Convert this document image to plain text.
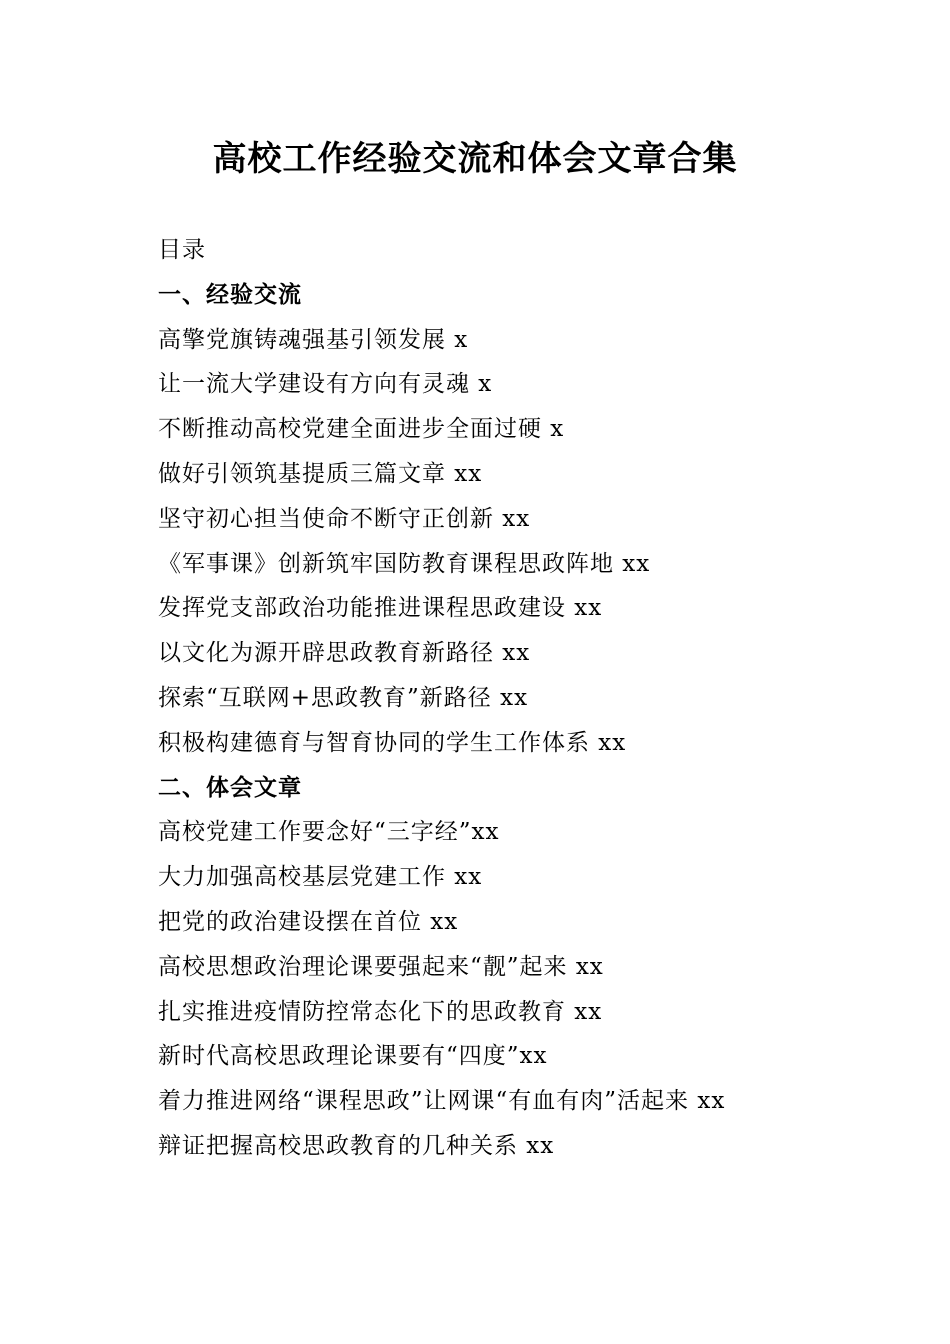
高校工作经验交流和体会文章合集
目录
一、经验交流
高擎党旗铸魂强基引领发展 x
让一流大学建设有方向有灵魂 x
不断推动高校党建全面进步全面过硬 x
做好引领筑基提质三篇文章 xx
坚守初心担当使命不断守正创新 xx
《军事课》创新筑牢国防教育课程思政阵地 xx
发挥党支部政治功能推进课程思政建设 xx
以文化为源开辟思政教育新路径 xx
探索“互联网+思政教育”新路径 xx
积极构建德育与智育协同的学生工作体系 xx
二、体会文章
高校党建工作要念好“三字经”xx
大力加强高校基层党建工作 xx
把党的政治建设摆在首位 xx
高校思想政治理论课要强起来“靓”起来 xx
扎实推进疫情防控常态化下的思政教育 xx
新时代高校思政理论课要有“四度”xx
着力推进网络“课程思政”让网课“有血有肉”活起来 xx
辩证把握高校思政教育的几种关系 xx
